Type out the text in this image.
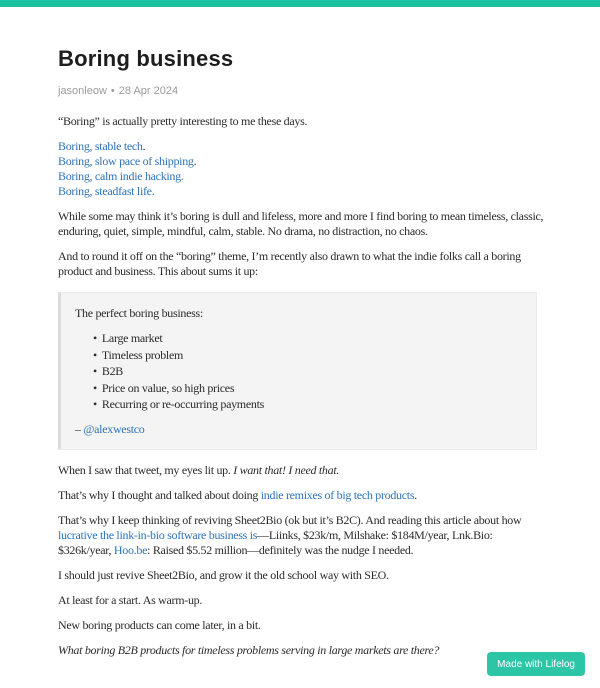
Boring business
jasonleow • 28 Apr 2024

“Boring” is actually pretty interesting to me these days.

Boring, stable tech.
Boring, slow pace of shipping.
Boring, calm indie hacking.
Boring, steadfast life.

While some may think it’s boring is dull and lifeless, more and more I find boring to mean timeless, classic, enduring, quiet, simple, mindful, calm, stable. No drama, no distraction, no chaos.

And to round it off on the “boring” theme, I’m recently also drawn to what the indie folks call a boring product and business. This about sums it up:

The perfect boring business:
• Large market
• Timeless problem
• B2B
• Price on value, so high prices
• Recurring or re-occurring payments
– @alexwestco

When I saw that tweet, my eyes lit up. I want that! I need that.

That’s why I thought and talked about doing indie remixes of big tech products.

That’s why I keep thinking of reviving Sheet2Bio (ok but it’s B2C). And reading this article about how lucrative the link-in-bio software business is—Liinks, $23k/m, Milshake: $184M/year, Lnk.Bio: $326k/year, Hoo.be: Raised $5.52 million—definitely was the nudge I needed.

I should just revive Sheet2Bio, and grow it the old school way with SEO.

At least for a start. As warm-up.

New boring products can come later, in a bit.

What boring B2B products for timeless problems serving in large markets are there?

Made with Lifelog
